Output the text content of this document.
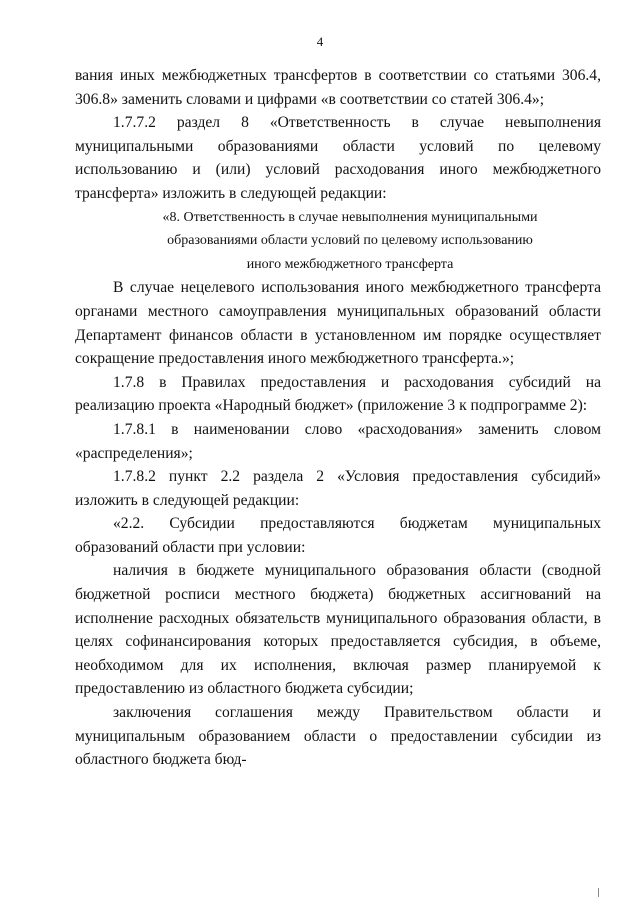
4

вания иных межбюджетных трансфертов в соответствии со статьями 306.4, 306.8» заменить словами и цифрами «в соответствии со статей 306.4»;

1.7.7.2 раздел 8 «Ответственность в случае невыполнения муниципальными образованиями области условий по целевому использованию и (или) условий расходования иного межбюджетного трансферта» изложить в следующей редакции:

«8. Ответственность в случае невыполнения муниципальными
образованиями области условий по целевому использованию
иного межбюджетного трансферта

В случае нецелевого использования иного межбюджетного трансферта органами местного самоуправления муниципальных образований области Департамент финансов области в установленном им порядке осуществляет сокращение предоставления иного межбюджетного трансферта.»;

1.7.8 в Правилах предоставления и расходования субсидий на реализацию проекта «Народный бюджет» (приложение 3 к подпрограмме 2):

1.7.8.1 в наименовании слово «расходования» заменить словом «распределения»;

1.7.8.2 пункт 2.2 раздела 2 «Условия предоставления субсидий» изложить в следующей редакции:

«2.2. Субсидии предоставляются бюджетам муниципальных образований области при условии:

наличия в бюджете муниципального образования области (сводной бюджетной росписи местного бюджета) бюджетных ассигнований на исполнение расходных обязательств муниципального образования области, в целях софинансирования которых предоставляется субсидия, в объеме, необходимом для их исполнения, включая размер планируемой к предоставлению из областного бюджета субсидии;

заключения соглашения между Правительством области и муниципальным образованием области о предоставлении субсидии из областного бюджета бюд-
